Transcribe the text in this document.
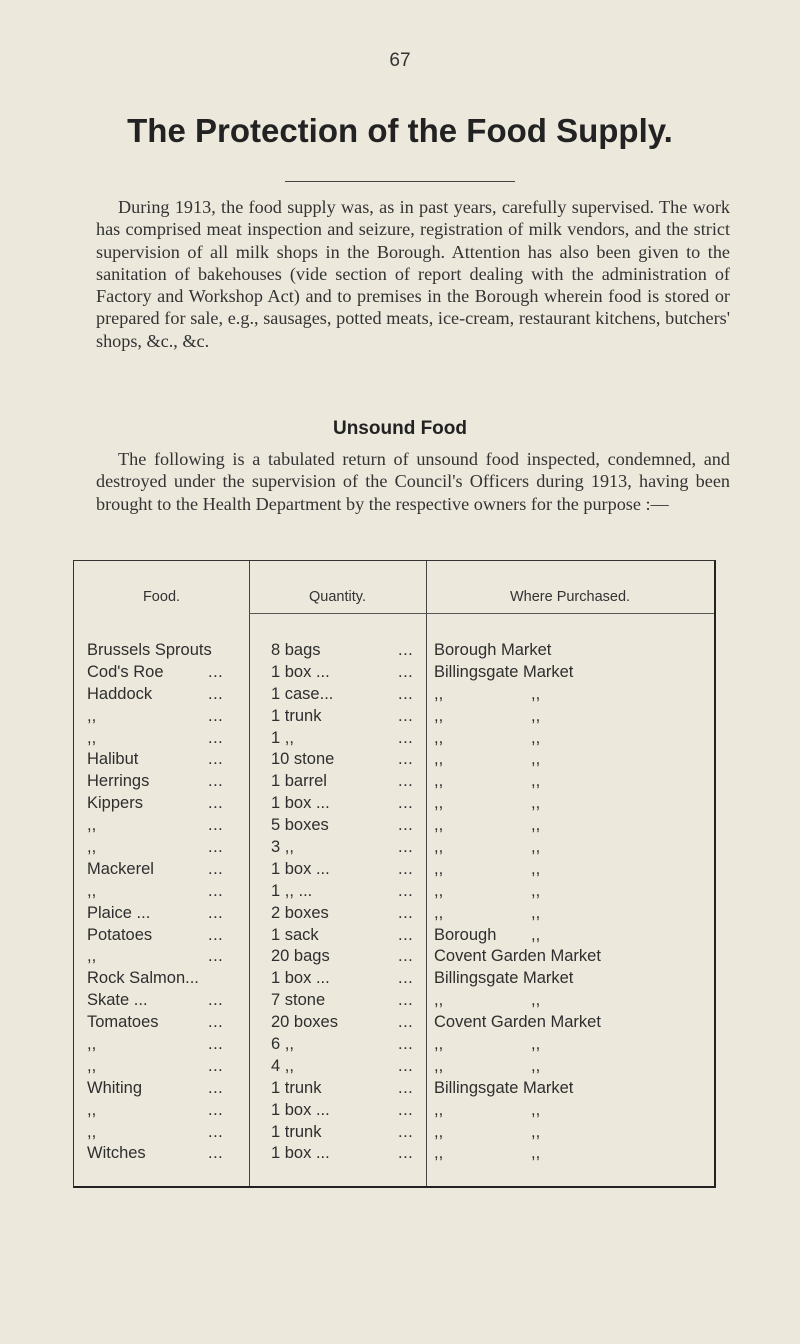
67
The Protection of the Food Supply.

During 1913, the food supply was, as in past years, carefully supervised. The work has comprised meat inspection and seizure, registration of milk vendors, and the strict supervision of all milk shops in the Borough. Attention has also been given to the sanitation of bakehouses (vide section of report dealing with the administration of Factory and Workshop Act) and to premises in the Borough wherein food is stored or prepared for sale, e.g., sausages, potted meats, ice-cream, restaurant kitchens, butchers' shops, &c., &c.

Unsound Food

The following is a tabulated return of unsound food inspected, condemned, and destroyed under the supervision of the Council's Officers during 1913, having been brought to the Health Department by the respective owners for the purpose :—

Food.	Quantity.	Where Purchased.
Brussels Sprouts	8 bags	... Borough Market
Cod's Roe	...	1 box ...	... Billingsgate Market
Haddock	...	1 case...	... ,,	,,
,,	...	1 trunk	... ,,	,,
,,	...	1 ,,	... ,,	,,
Halibut	...	10 stone	... ,,	,,
Herrings	...	1 barrel	... ,,	,,
Kippers	...	1 box ...	... ,,	,,
,,	...	5 boxes	... ,,	,,
,,	...	3 ,,	... ,,	,,
Mackerel	...	1 box ...	... ,,	,,
,,	...	1 ,, ...	... ,,	,,
Plaice ...	...	2 boxes	... ,,	,,
Potatoes	...	1 sack	... Borough ,,
,,	...	20 bags	... Covent Garden Market
Rock Salmon...	1 box ...	... Billingsgate Market
Skate ...	...	7 stone	... ,,	,,
Tomatoes	...	20 boxes	... Covent Garden Market
,,	...	6 ,,	... ,,	,,
,,	...	4 ,,	... ,,	,,
Whiting	...	1 trunk	... Billingsgate Market
,,	...	1 box ...	... ,,	,,
,,	...	1 trunk	... ,,	,,
Witches	...	1 box ...	... ,,	,,
